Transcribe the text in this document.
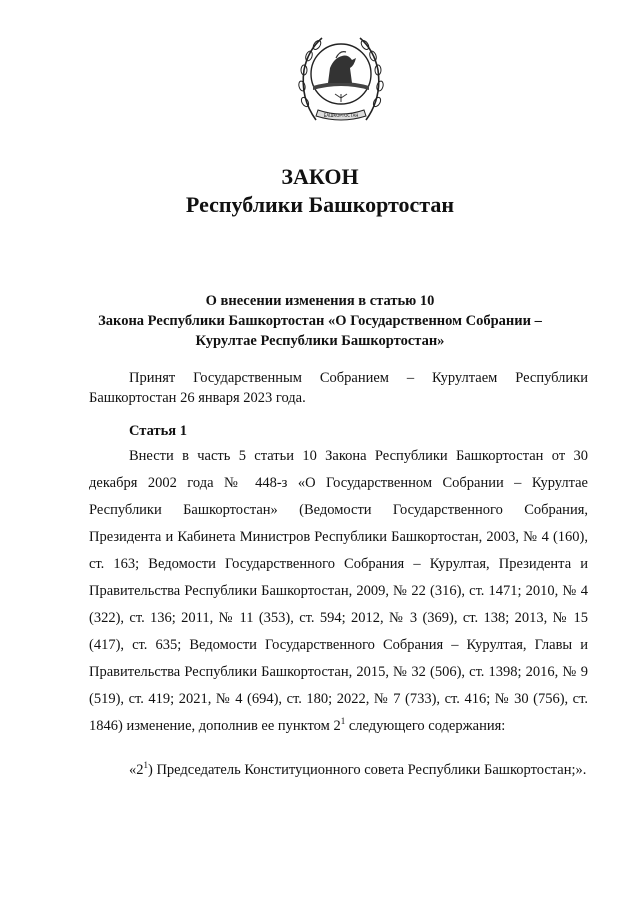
БАШКОРТОСТАН
ЗАКОН
Республики Башкортостан
О внесении изменения в статью 10
Закона Республики Башкортостан «О Государственном Собрании –
Курултае Республики Башкортостан»
Принят Государственным Собранием – Курултаем Республики Башкортостан 26 января 2023 года.
Статья 1
Внести в часть 5 статьи 10 Закона Республики Башкортостан от 30 декабря 2002 года № 448-з «О Государственном Собрании – Курултае Республики Башкортостан» (Ведомости Государственного Собрания, Президента и Кабинета Министров Республики Башкортостан, 2003, № 4 (160), ст. 163; Ведомости Государственного Собрания – Курултая, Президента и Правительства Республики Башкортостан, 2009, № 22 (316), ст. 1471; 2010, № 4 (322), ст. 136; 2011, № 11 (353), ст. 594; 2012, № 3 (369), ст. 138; 2013, № 15 (417), ст. 635; Ведомости Государственного Собрания – Курултая, Главы и Правительства Республики Башкортостан, 2015, № 32 (506), ст. 1398; 2016, № 9 (519), ст. 419; 2021, № 4 (694), ст. 180; 2022, № 7 (733), ст. 416; № 30 (756), ст. 1846) изменение, дополнив ее пунктом $2^1$ следующего содержания:
«$2^1$) Председатель Конституционного совета Республики Башкортостан;».
